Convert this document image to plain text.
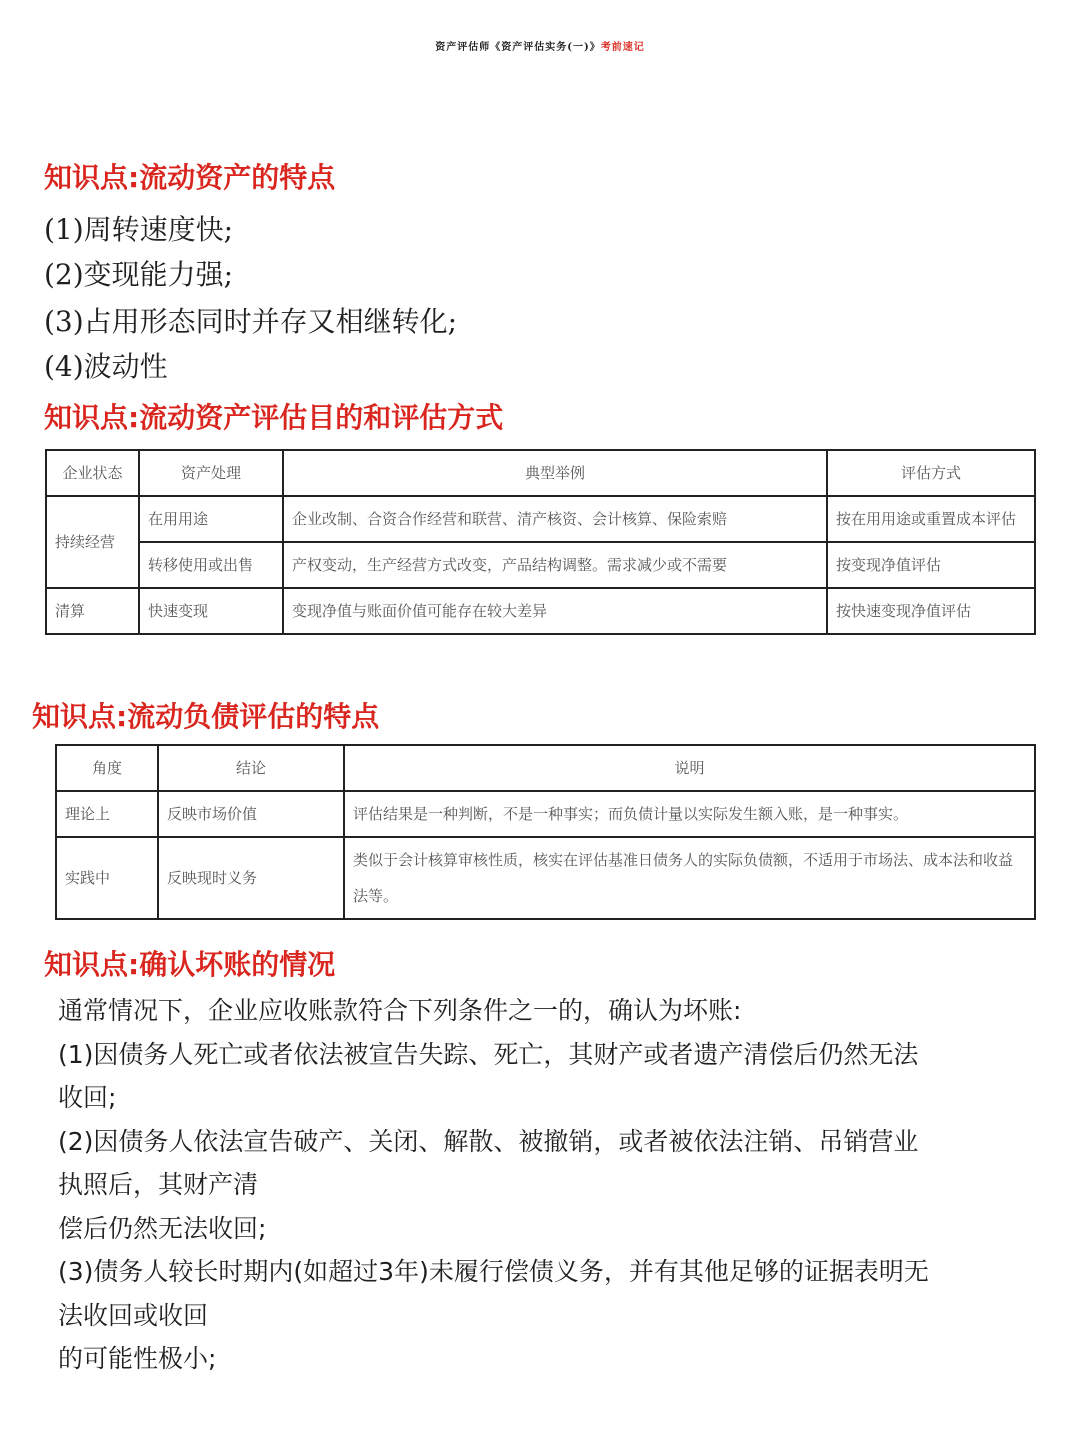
资产评估师《资产评估实务(一)》考前速记
知识点:流动资产的特点
(1)周转速度快;
(2)变现能力强;
(3)占用形态同时并存又相继转化;
(4)波动性
知识点:流动资产评估目的和评估方式
企业状态	资产处理	典型举例	评估方式
持续经营	在用用途	企业改制、合资合作经营和联营、清产核资、会计核算、保险索赔	按在用用途或重置成本评估
	转移使用或出售	产权变动，生产经营方式改变，产品结构调整。需求减少或不需要	按变现净值评估
清算	快速变现	变现净值与账面价值可能存在较大差异	按快速变现净值评估
知识点:流动负债评估的特点
角度	结论	说明
理论上	反映市场价值	评估结果是一种判断，不是一种事实；而负债计量以实际发生额入账，是一种事实。
实践中	反映现时义务	类似于会计核算审核性质，核实在评估基准日债务人的实际负债额，不适用于市场法、成本法和收益法等。
知识点:确认坏账的情况
通常情况下，企业应收账款符合下列条件之一的，确认为坏账:
(1)因债务人死亡或者依法被宣告失踪、死亡，其财产或者遗产清偿后仍然无法
收回;
(2)因债务人依法宣告破产、关闭、解散、被撤销，或者被依法注销、吊销营业
执照后，其财产清
偿后仍然无法收回;
(3)债务人较长时期内(如超过3年)未履行偿债义务，并有其他足够的证据表明无
法收回或收回
的可能性极小;
